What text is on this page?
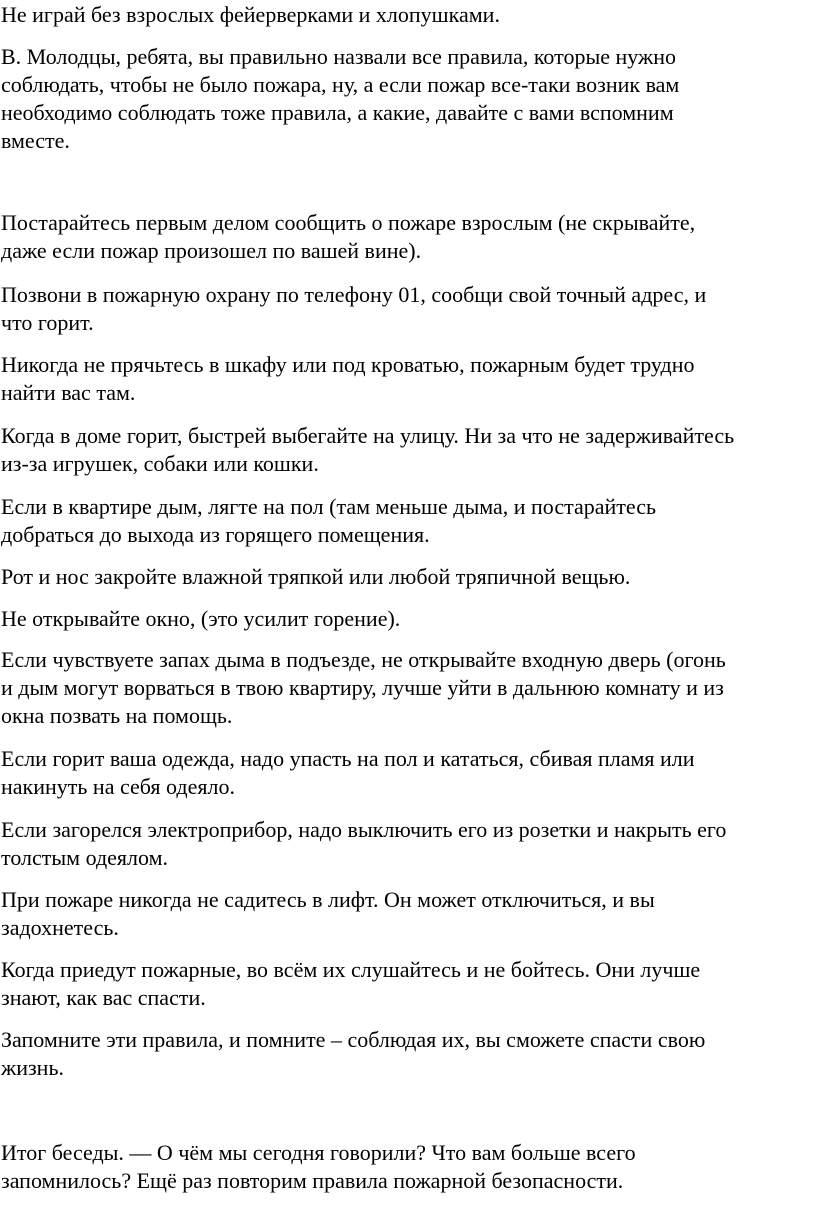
Не играй без взрослых фейерверками и хлопушками.

В. Молодцы, ребята, вы правильно назвали все правила, которые нужно
соблюдать, чтобы не было пожара, ну, а если пожар все-таки возник вам
необходимо соблюдать тоже правила, а какие, давайте с вами вспомним
вместе.

Постарайтесь первым делом сообщить о пожаре взрослым (не скрывайте,
даже если пожар произошел по вашей вине).

Позвони в пожарную охрану по телефону 01, сообщи свой точный адрес, и
что горит.

Никогда не прячьтесь в шкафу или под кроватью, пожарным будет трудно
найти вас там.

Когда в доме горит, быстрей выбегайте на улицу. Ни за что не задерживайтесь
из-за игрушек, собаки или кошки.

Если в квартире дым, лягте на пол (там меньше дыма, и постарайтесь
добраться до выхода из горящего помещения.

Рот и нос закройте влажной тряпкой или любой тряпичной вещью.

Не открывайте окно, (это усилит горение).

Если чувствуете запах дыма в подъезде, не открывайте входную дверь (огонь
и дым могут ворваться в твою квартиру, лучше уйти в дальнюю комнату и из
окна позвать на помощь.

Если горит ваша одежда, надо упасть на пол и кататься, сбивая пламя или
накинуть на себя одеяло.

Если загорелся электроприбор, надо выключить его из розетки и накрыть его
толстым одеялом.

При пожаре никогда не садитесь в лифт. Он может отключиться, и вы
задохнетесь.

Когда приедут пожарные, во всём их слушайтесь и не бойтесь. Они лучше
знают, как вас спасти.

Запомните эти правила, и помните – соблюдая их, вы сможете спасти свою
жизнь.

Итог беседы. — О чём мы сегодня говорили? Что вам больше всего
запомнилось? Ещё раз повторим правила пожарной безопасности.
